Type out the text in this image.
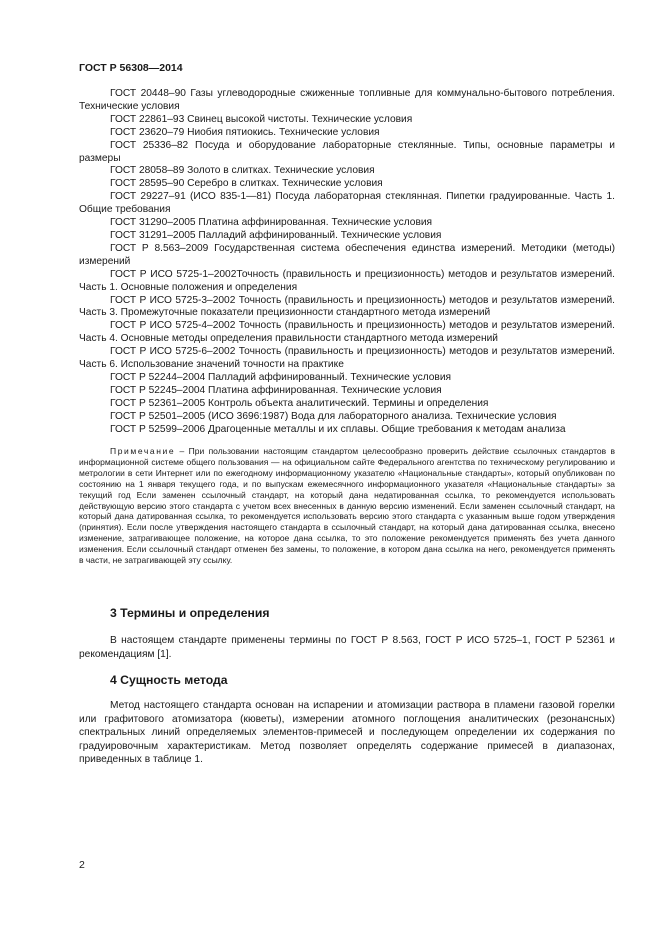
ГОСТ Р 56308—2014

ГОСТ 20448–90 Газы углеводородные сжиженные топливные для коммунально-бытового потребления. Технические условия

ГОСТ 22861–93 Свинец высокой чистоты. Технические условия

ГОСТ 23620–79 Ниобия пятиокись. Технические условия

ГОСТ 25336–82 Посуда и оборудование лабораторные стеклянные. Типы, основные параметры и размеры

ГОСТ 28058–89 Золото в слитках. Технические условия

ГОСТ 28595–90 Серебро в слитках. Технические условия

ГОСТ 29227–91 (ИСО 835-1—81) Посуда лабораторная стеклянная. Пипетки градуированные. Часть 1. Общие требования

ГОСТ 31290–2005 Платина аффинированная. Технические условия

ГОСТ 31291–2005 Палладий аффинированный. Технические условия

ГОСТ Р 8.563–2009 Государственная система обеспечения единства измерений. Методики (методы) измерений

ГОСТ Р ИСО 5725-1–2002Точность (правильность и прецизионность) методов и результатов измерений. Часть 1. Основные положения и определения

ГОСТ Р ИСО 5725-3–2002 Точность (правильность и прецизионность) методов и результатов измерений. Часть 3. Промежуточные показатели прецизионности стандартного метода измерений

ГОСТ Р ИСО 5725-4–2002 Точность (правильность и прецизионность) методов и результатов измерений. Часть 4. Основные методы определения правильности стандартного метода измерений

ГОСТ Р ИСО 5725-6–2002 Точность (правильность и прецизионность) методов и результатов измерений. Часть 6. Использование значений точности на практике

ГОСТ Р 52244–2004 Палладий аффинированный. Технические условия

ГОСТ Р 52245–2004 Платина аффинированная. Технические условия

ГОСТ Р 52361–2005 Контроль объекта аналитический. Термины и определения

ГОСТ Р 52501–2005 (ИСО 3696:1987) Вода для лабораторного анализа. Технические условия

ГОСТ Р 52599–2006 Драгоценные металлы и их сплавы. Общие требования к методам анализа

Примечание – При пользовании настоящим стандартом целесообразно проверить действие ссылочных стандартов в информационной системе общего пользования — на официальном сайте Федерального агентства по техническому регулированию и метрологии в сети Интернет или по ежегодному информационному указателю «Национальные стандарты», который опубликован по состоянию на 1 января текущего года, и по выпускам ежемесячного информационного указателя «Национальные стандарты» за текущий год Если заменен ссылочный стандарт, на который дана недатированная ссылка, то рекомендуется использовать действующую версию этого стандарта с учетом всех внесенных в данную версию изменений. Если заменен ссылочный стандарт, на который дана датированная ссылка, то рекомендуется использовать версию этого стандарта с указанным выше годом утверждения (принятия). Если после утверждения настоящего стандарта в ссылочный стандарт, на который дана датированная ссылка, внесено изменение, затрагивающее положение, на которое дана ссылка, то это положение рекомендуется применять без учета данного изменения. Если ссылочный стандарт отменен без замены, то положение, в котором дана ссылка на него, рекомендуется применять в части, не затрагивающей эту ссылку.

3 Термины и определения

В настоящем стандарте применены термины по ГОСТ Р 8.563, ГОСТ Р ИСО 5725–1, ГОСТ Р 52361 и рекомендациям [1].

4 Сущность метода

Метод настоящего стандарта основан на испарении и атомизации раствора в пламени газовой горелки или графитового атомизатора (кюветы), измерении атомного поглощения аналитических (резонансных) спектральных линий определяемых элементов-примесей и последующем определении их содержания по градуировочным характеристикам. Метод позволяет определять содержание примесей в диапазонах, приведенных в таблице 1.

2
